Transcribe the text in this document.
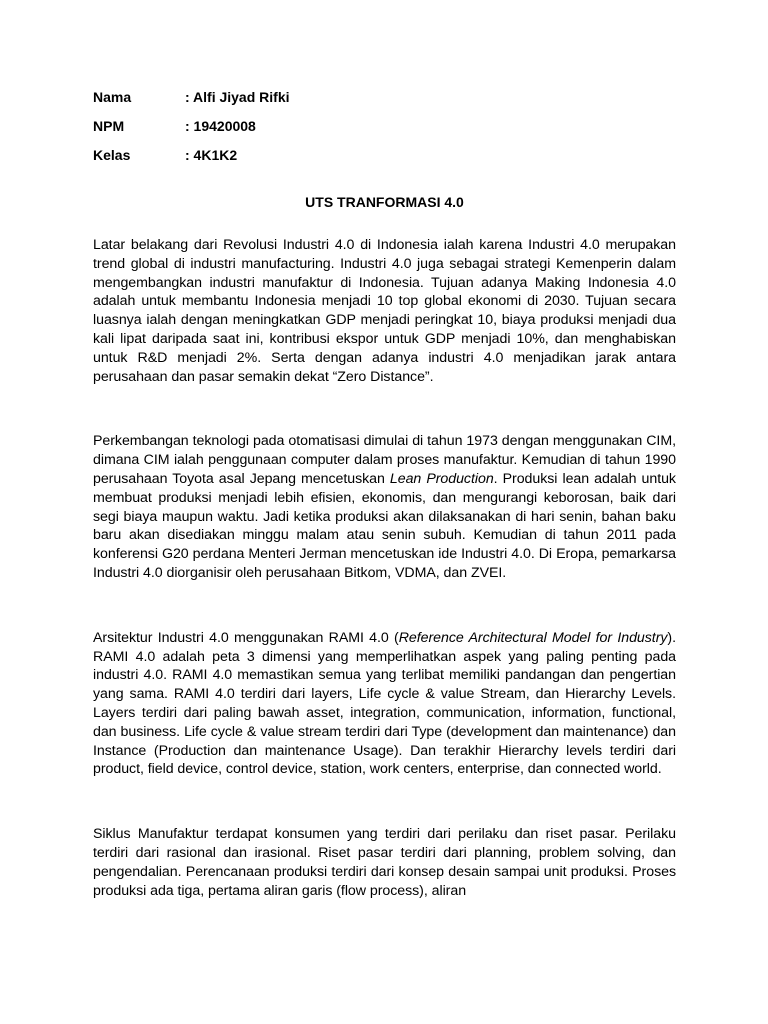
Nama	: Alfi Jiyad Rifki
NPM	: 19420008
Kelas	: 4K1K2
UTS TRANFORMASI 4.0

Latar belakang dari Revolusi Industri 4.0 di Indonesia ialah karena Industri 4.0 merupakan trend global di industri manufacturing. Industri 4.0 juga sebagai strategi Kemenperin dalam mengembangkan industri manufaktur di Indonesia. Tujuan adanya Making Indonesia 4.0 adalah untuk membantu Indonesia menjadi 10 top global ekonomi di 2030. Tujuan secara luasnya ialah dengan meningkatkan GDP menjadi peringkat 10, biaya produksi menjadi dua kali lipat daripada saat ini, kontribusi ekspor untuk GDP menjadi 10%, dan menghabiskan untuk R&D menjadi 2%. Serta dengan adanya industri 4.0 menjadikan jarak antara perusahaan dan pasar semakin dekat “Zero Distance”.

Perkembangan teknologi pada otomatisasi dimulai di tahun 1973 dengan menggunakan CIM, dimana CIM ialah penggunaan computer dalam proses manufaktur. Kemudian di tahun 1990 perusahaan Toyota asal Jepang mencetuskan Lean Production. Produksi lean adalah untuk membuat produksi menjadi lebih efisien, ekonomis, dan mengurangi keborosan, baik dari segi biaya maupun waktu. Jadi ketika produksi akan dilaksanakan di hari senin, bahan baku baru akan disediakan minggu malam atau senin subuh. Kemudian di tahun 2011 pada konferensi G20 perdana Menteri Jerman mencetuskan ide Industri 4.0. Di Eropa, pemarkarsa Industri 4.0 diorganisir oleh perusahaan Bitkom, VDMA, dan ZVEI.

Arsitektur Industri 4.0 menggunakan RAMI 4.0 (Reference Architectural Model for Industry). RAMI 4.0 adalah peta 3 dimensi yang memperlihatkan aspek yang paling penting pada industri 4.0. RAMI 4.0 memastikan semua yang terlibat memiliki pandangan dan pengertian yang sama. RAMI 4.0 terdiri dari layers, Life cycle & value Stream, dan Hierarchy Levels. Layers terdiri dari paling bawah asset, integration, communication, information, functional, dan business. Life cycle & value stream terdiri dari Type (development dan maintenance) dan Instance (Production dan maintenance Usage). Dan terakhir Hierarchy levels terdiri dari product, field device, control device, station, work centers, enterprise, dan connected world.

Siklus Manufaktur terdapat konsumen yang terdiri dari perilaku dan riset pasar. Perilaku terdiri dari rasional dan irasional. Riset pasar terdiri dari planning, problem solving, dan pengendalian. Perencanaan produksi terdiri dari konsep desain sampai unit produksi. Proses produksi ada tiga, pertama aliran garis (flow process), aliran
